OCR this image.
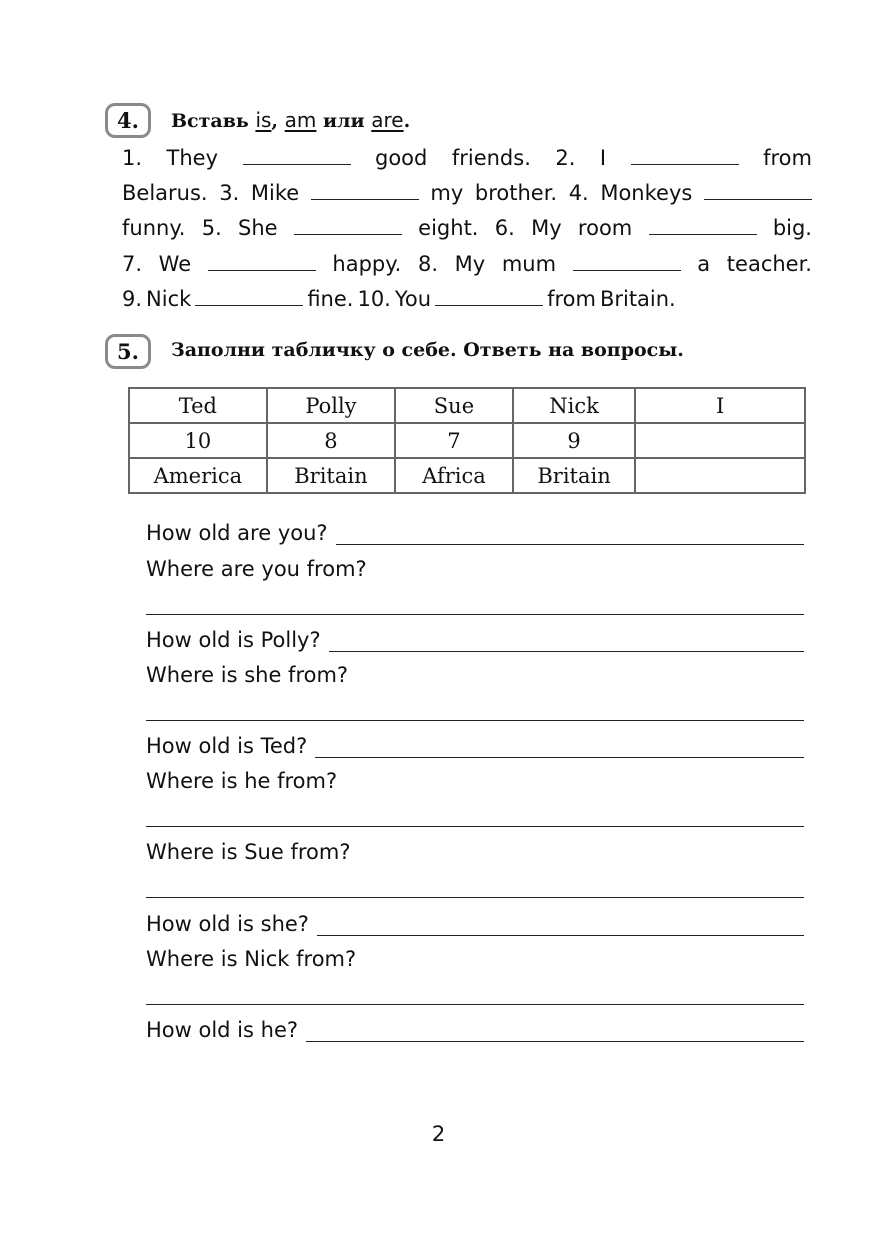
4.	Вставь is, am или are.
1. They	good friends. 2. I	from
Belarus. 3. Mike	my brother. 4. Monkeys
funny. 5. She	eight. 6. My room	big.
7. We	happy. 8. My mum	a teacher.
9. Nick	fine. 10. You	from Britain.
5.	Заполни табличку о себе. Ответь на вопросы.
Ted	Polly	Sue	Nick	I
10	8	7	9	
America	Britain	Africa	Britain	
How old are you?
Where are you from?
How old is Polly?
Where is she from?
How old is Ted?
Where is he from?
Where is Sue from?
How old is she?
Where is Nick from?
How old is he?
2
